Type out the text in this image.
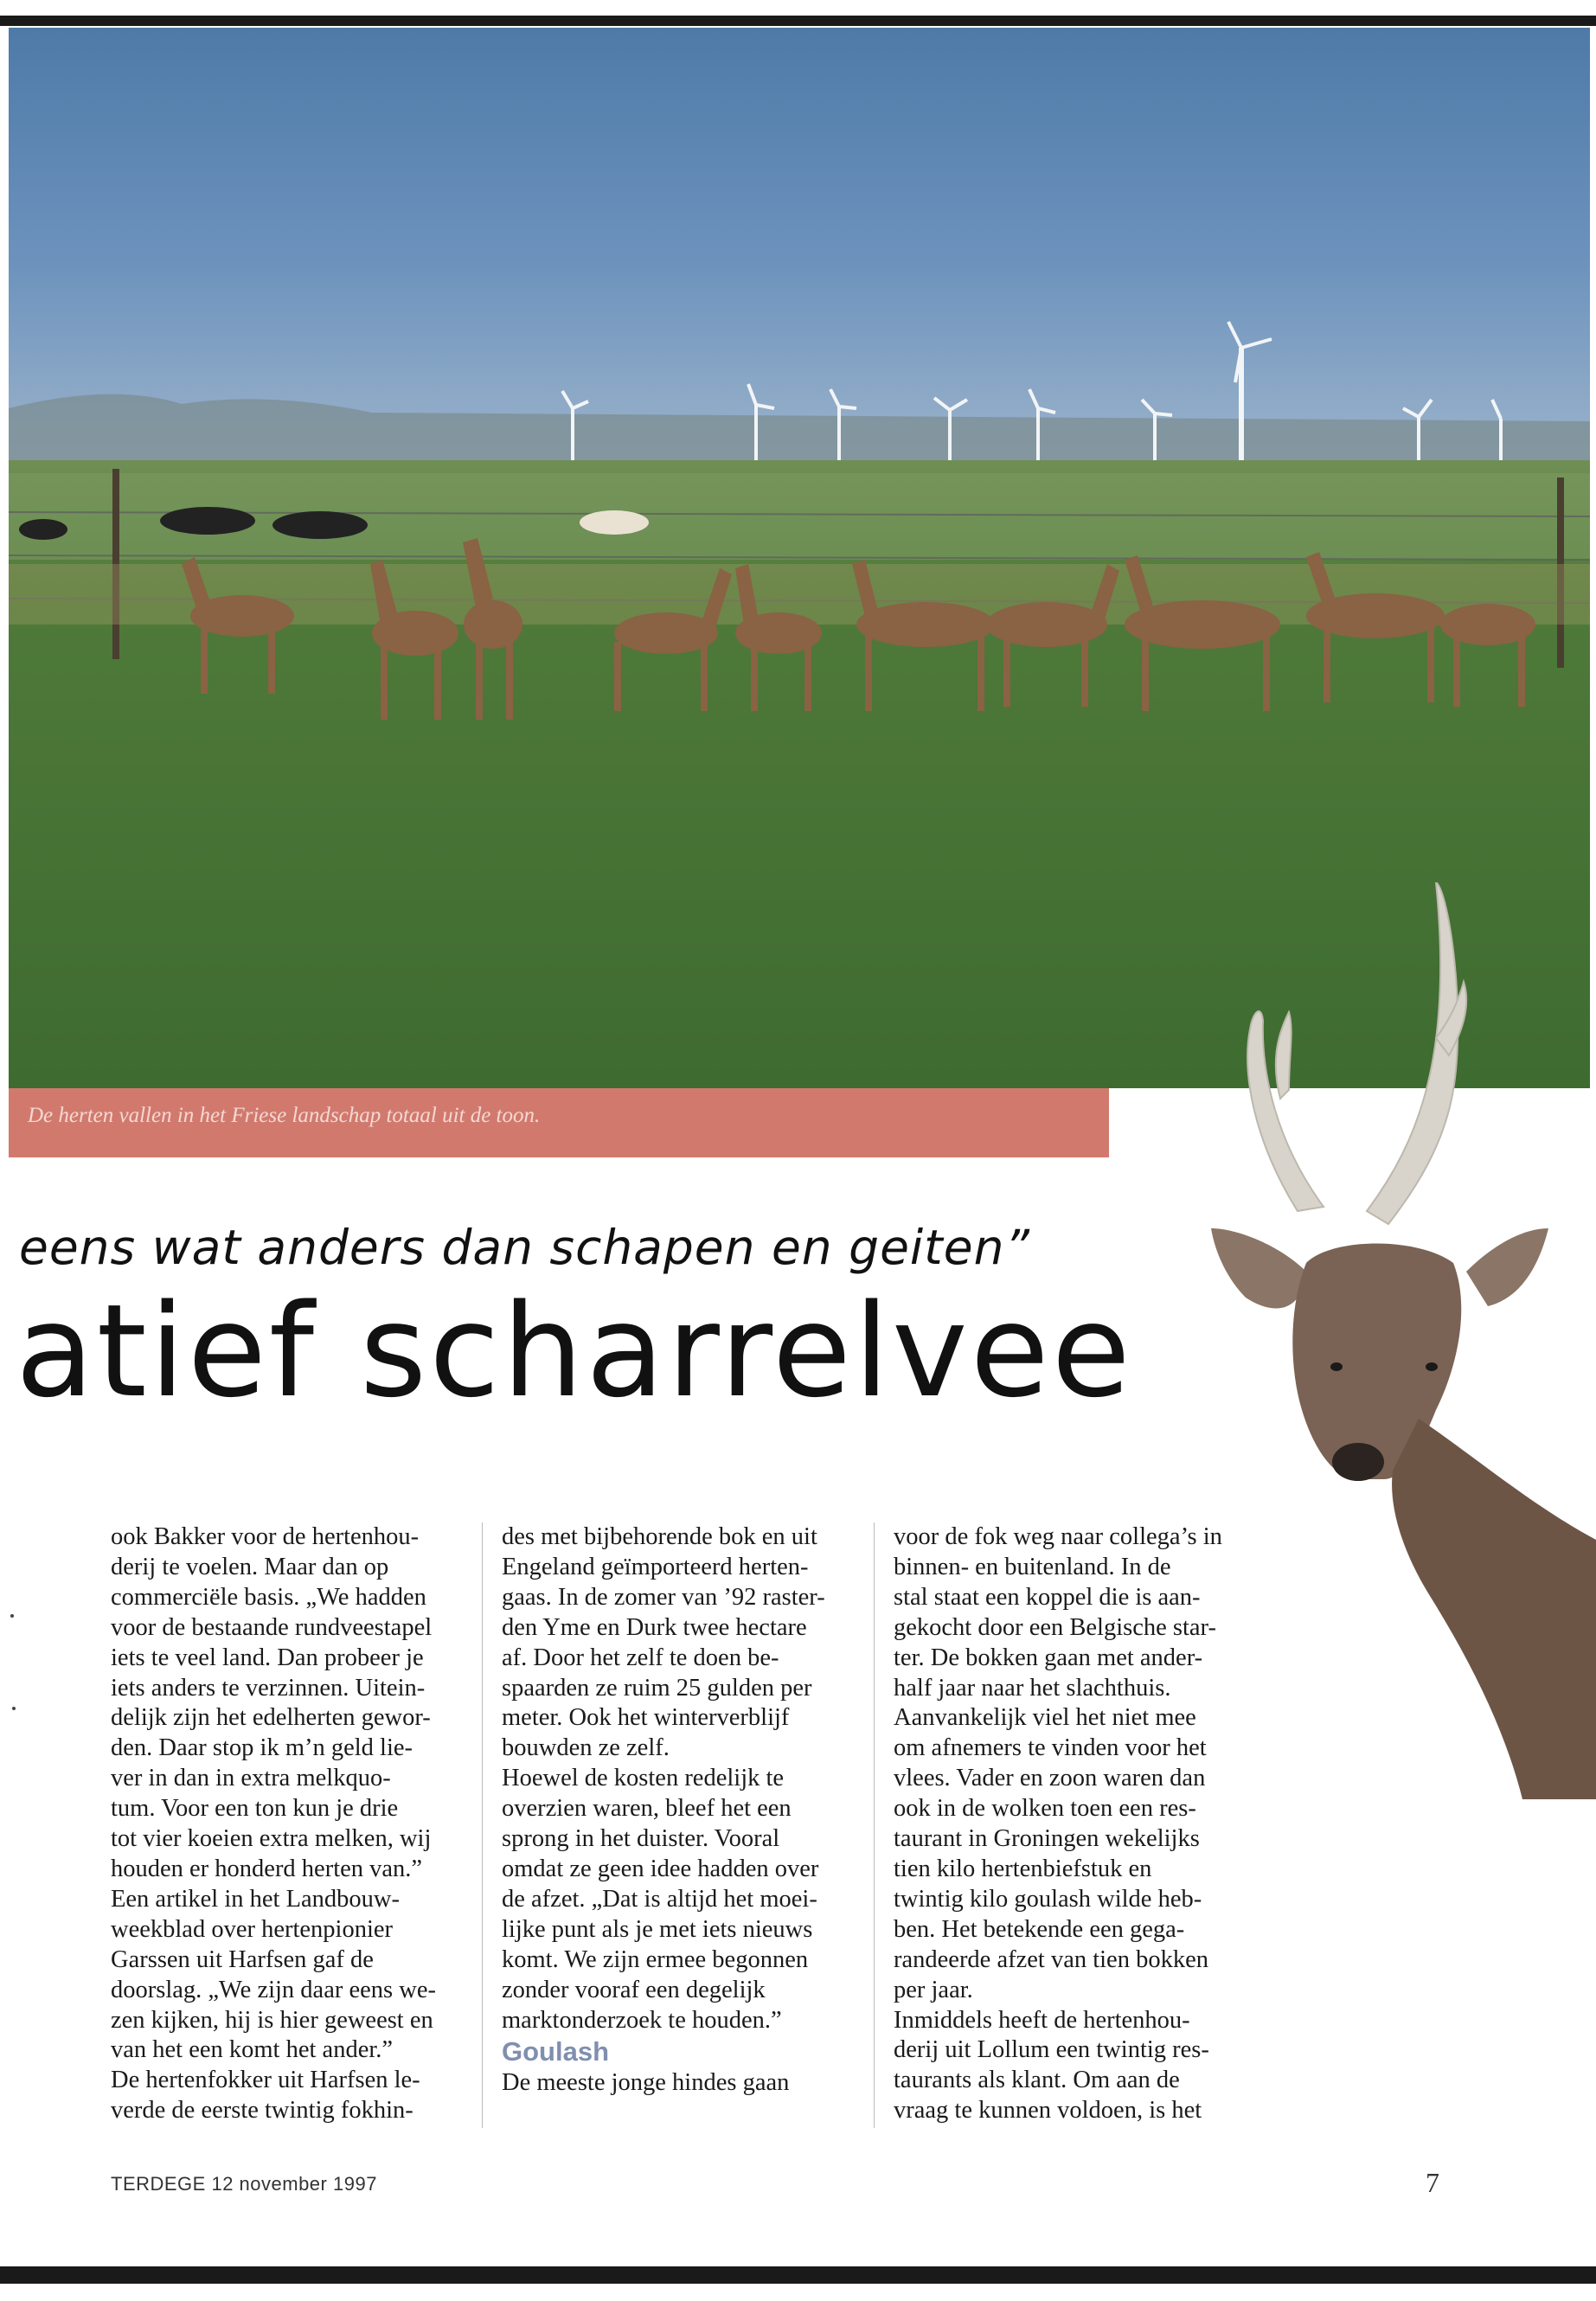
De herten vallen in het Friese landschap totaal uit de toon.
eens wat anders dan schapen en geiten”
atief scharrelvee
ook Bakker voor de hertenhou-
derij te voelen. Maar dan op
commerciële basis. „We hadden
voor de bestaande rundveestapel
iets te veel land. Dan probeer je
iets anders te verzinnen. Uitein-
delijk zijn het edelherten gewor-
den. Daar stop ik m’n geld lie-
ver in dan in extra melkquo-
tum. Voor een ton kun je drie
tot vier koeien extra melken, wij
houden er honderd herten van.”
Een artikel in het Landbouw-
weekblad over hertenpionier
Garssen uit Harfsen gaf de
doorslag. „We zijn daar eens we-
zen kijken, hij is hier geweest en
van het een komt het ander.”
De hertenfokker uit Harfsen le-
verde de eerste twintig fokhin-
des met bijbehorende bok en uit
Engeland geïmporteerd herten-
gaas. In de zomer van ’92 raster-
den Yme en Durk twee hectare
af. Door het zelf te doen be-
spaarden ze ruim 25 gulden per
meter. Ook het winterverblijf
bouwden ze zelf.
Hoewel de kosten redelijk te
overzien waren, bleef het een
sprong in het duister. Vooral
omdat ze geen idee hadden over
de afzet. „Dat is altijd het moei-
lijke punt als je met iets nieuws
komt. We zijn ermee begonnen
zonder vooraf een degelijk
marktonderzoek te houden.”
Goulash
De meeste jonge hindes gaan
voor de fok weg naar collega’s in
binnen- en buitenland. In de
stal staat een koppel die is aan-
gekocht door een Belgische star-
ter. De bokken gaan met ander-
half jaar naar het slachthuis.
Aanvankelijk viel het niet mee
om afnemers te vinden voor het
vlees. Vader en zoon waren dan
ook in de wolken toen een res-
taurant in Groningen wekelijks
tien kilo hertenbiefstuk en
twintig kilo goulash wilde heb-
ben. Het betekende een gega-
randeerde afzet van tien bokken
per jaar.
Inmiddels heeft de hertenhou-
derij uit Lollum een twintig res-
taurants als klant. Om aan de
vraag te kunnen voldoen, is het
TERDEGE 12 november 1997	7
